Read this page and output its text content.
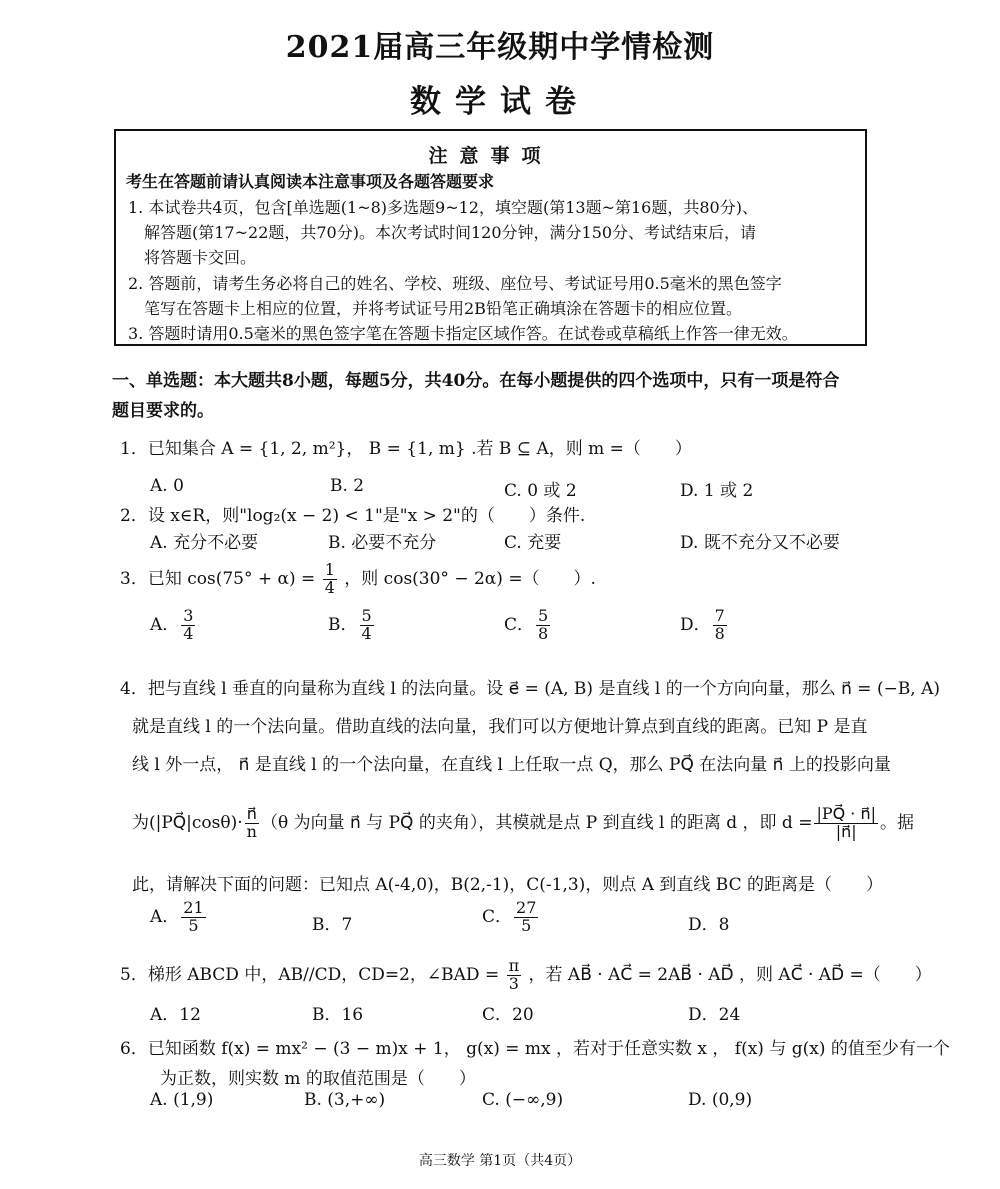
2021届高三年级期中学情检测
数学试卷
注意事项
考生在答题前请认真阅读本注意事项及各题答题要求
1. 本试卷共4页，包含[单选题(1~8)多选题9~12，填空题(第13题~第16题，共80分)、
解答题(第17~22题，共70分)。本次考试时间120分钟，满分150分、考试结束后，请
将答题卡交回。
2. 答题前，请考生务必将自己的姓名、学校、班级、座位号、考试证号用0.5毫米的黑色签字
笔写在答题卡上相应的位置，并将考试证号用2B铅笔正确填涂在答题卡的相应位置。
3. 答题时请用0.5毫米的黑色签字笔在答题卡指定区域作答。在试卷或草稿纸上作答一律无效。
一、单选题：本大题共8小题，每题5分，共40分。在每小题提供的四个选项中，只有一项是符合
题目要求的。
1．已知集合 A = {1, 2, m²}， B = {1, m} .若 B ⊆ A，则 m =（　　）
A. 0	B. 2	C. 0 或 2	D. 1 或 2
2．设 x∈R，则"log₂(x − 2) < 1"是"x > 2"的（　　）条件.
A. 充分不必要	B. 必要不充分	C. 充要	D. 既不充分又不必要
3．已知 $\cos(75^\circ + \alpha) = \frac{1}{4}$ ，则 cos(30° − 2α) =（　　）.
A． $\frac{3}{4}$	B． $\frac{5}{4}$	C． $\frac{5}{8}$	D． $\frac{7}{8}$
4．把与直线 l 垂直的向量称为直线 l 的法向量。设 e⃗ = (A, B) 是直线 l 的一个方向向量，那么 n⃗ = (−B, A)
就是直线 l 的一个法向量。借助直线的法向量，我们可以方便地计算点到直线的距离。已知 P 是直
线 l 外一点， n⃗ 是直线 l 的一个法向量，在直线 l 上任取一点 Q，那么 PQ⃗ 在法向量 n⃗ 上的投影向量
为(|PQ⃗|cosθ)· $\frac{n⃗}{n} (\theta$ 为向量 n⃗ 与 PQ⃗ 的夹角），其模就是点 P 到直线 l 的距离 d ，即 $d = \frac{|PQ⃗ \cdot n⃗|}{|n⃗|}$ 。据
此，请解决下面的问题：已知点 A(-4,0)，B(2,-1)，C(-1,3)，则点 A 到直线 BC 的距离是（　　）
A． $\frac{21}{5}$	B．7	C． $\frac{27}{5}$	D．8
5．梯形 ABCD 中，AB//CD，CD=2，∠BAD = $\frac{\pi}{3}$ ，若 AB⃗ · AC⃗ = 2AB⃗ · AD⃗ ，则 AC⃗ · AD⃗ =（　　）
A．12	B．16	C．20	D．24
6．已知函数 f(x) = mx² − (3 − m)x + 1， g(x) = mx ，若对于任意实数 x ， f(x) 与 g(x) 的值至少有一个
为正数，则实数 m 的取值范围是（　　）
A. (1,9)	B. (3,+∞)	C. (−∞,9)	D. (0,9)
高三数学 第1页（共4页）
